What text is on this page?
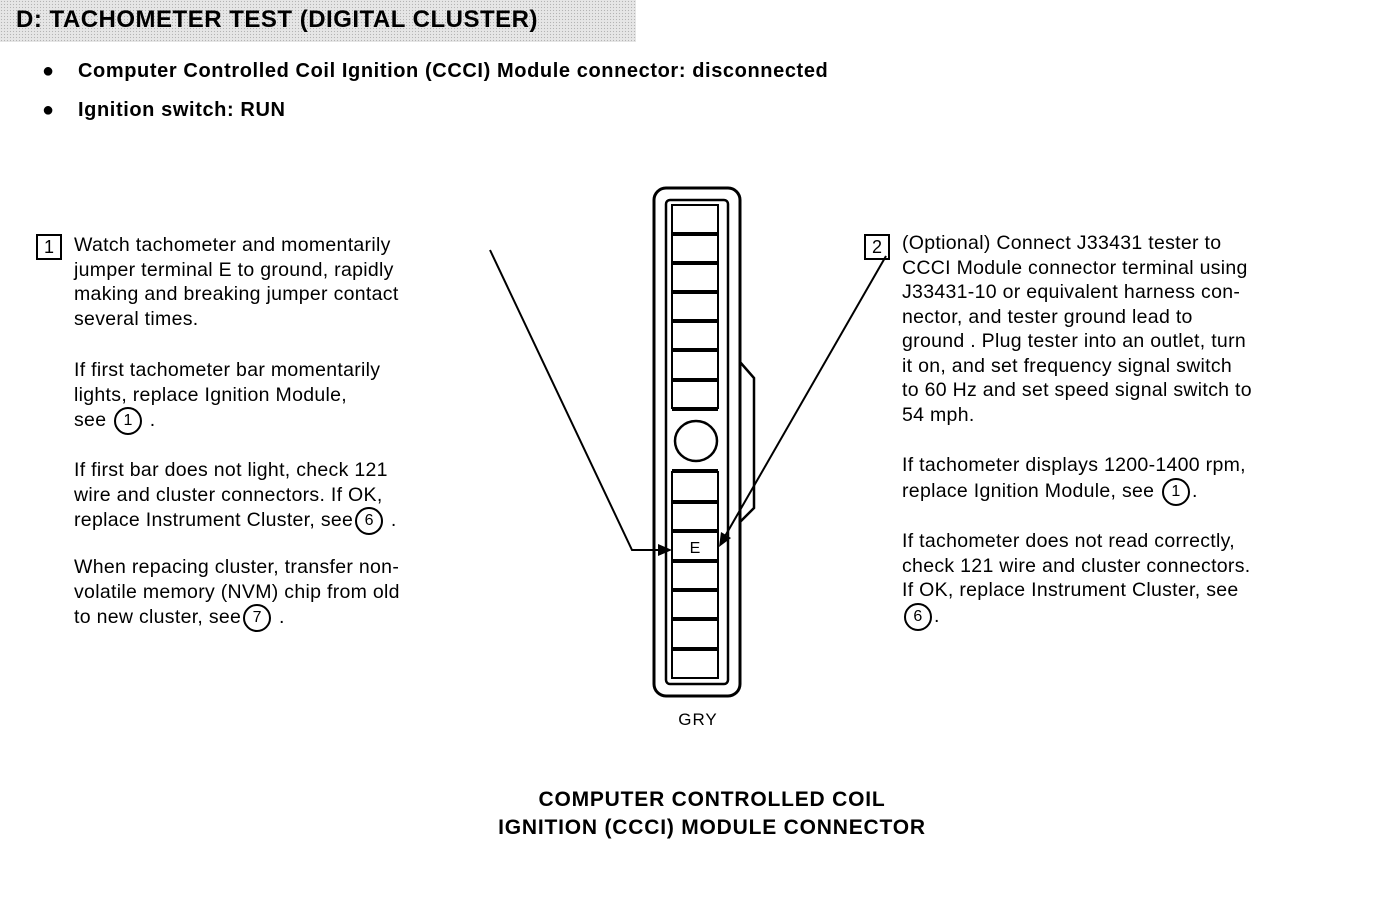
D: TACHOMETER TEST (DIGITAL CLUSTER)
● Computer Controlled Coil Ignition (CCCI) Module connector: disconnected
● Ignition switch: RUN
E
1	Watch tachometer and momentarily
jumper terminal E to ground, rapidly
making and breaking jumper contact
several times.
If first tachometer bar momentarily
lights, replace Ignition Module,
see 1 .
If first bar does not light, check 121
wire and cluster connectors. If OK,
replace Instrument Cluster, see 6 .
When repacing cluster, transfer non-
volatile memory (NVM) chip from old
to new cluster, see 7 .
2	(Optional) Connect J33431 tester to
CCCI Module connector terminal using
J33431-10 or equivalent harness con-
nector, and tester ground lead to
ground . Plug tester into an outlet, turn
it on, and set frequency signal switch
to 60 Hz and set speed signal switch to
54 mph.
If tachometer displays 1200-1400 rpm,
replace Ignition Module, see 1 .
If tachometer does not read correctly,
check 121 wire and cluster connectors.
If OK, replace Instrument Cluster, see
6 .
GRY
COMPUTER CONTROLLED COIL
IGNITION (CCCI) MODULE CONNECTOR
